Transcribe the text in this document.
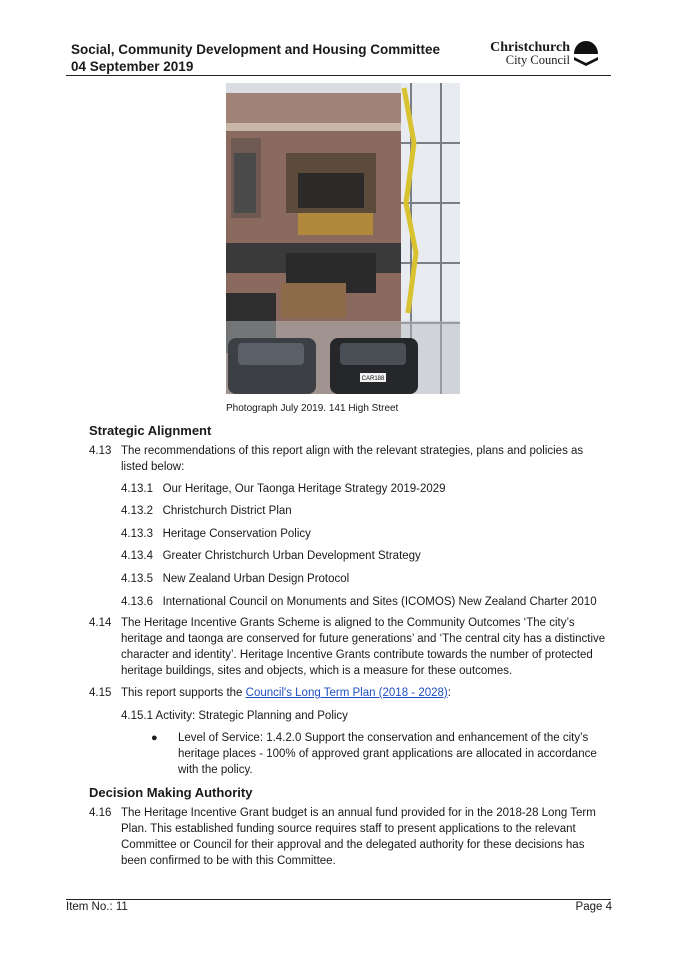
Social, Community Development and Housing Committee
04 September 2019
Christchurch
City Council
CAR188
Photograph July 2019. 141 High Street
Strategic Alignment
4.13 The recommendations of this report align with the relevant strategies, plans and policies as listed below:
4.13.1 Our Heritage, Our Taonga Heritage Strategy 2019-2029
4.13.2 Christchurch District Plan
4.13.3 Heritage Conservation Policy
4.13.4 Greater Christchurch Urban Development Strategy
4.13.5 New Zealand Urban Design Protocol
4.13.6 International Council on Monuments and Sites (ICOMOS) New Zealand Charter 2010
4.14 The Heritage Incentive Grants Scheme is aligned to the Community Outcomes ‘The city’s heritage and taonga are conserved for future generations’ and ‘The central city has a distinctive character and identity’. Heritage Incentive Grants contribute towards the number of protected heritage buildings, sites and objects, which is a measure for these outcomes.
4.15 This report supports the Council's Long Term Plan (2018 - 2028):
4.15.1 Activity: Strategic Planning and Policy
● Level of Service: 1.4.2.0 Support the conservation and enhancement of the city’s heritage places - 100% of approved grant applications are allocated in accordance with the policy.
Decision Making Authority
4.16 The Heritage Incentive Grant budget is an annual fund provided for in the 2018-28 Long Term Plan. This established funding source requires staff to present applications to the relevant Committee or Council for their approval and the delegated authority for these decisions has been confirmed to be with this Committee.
Item No.: 11	Page 4
